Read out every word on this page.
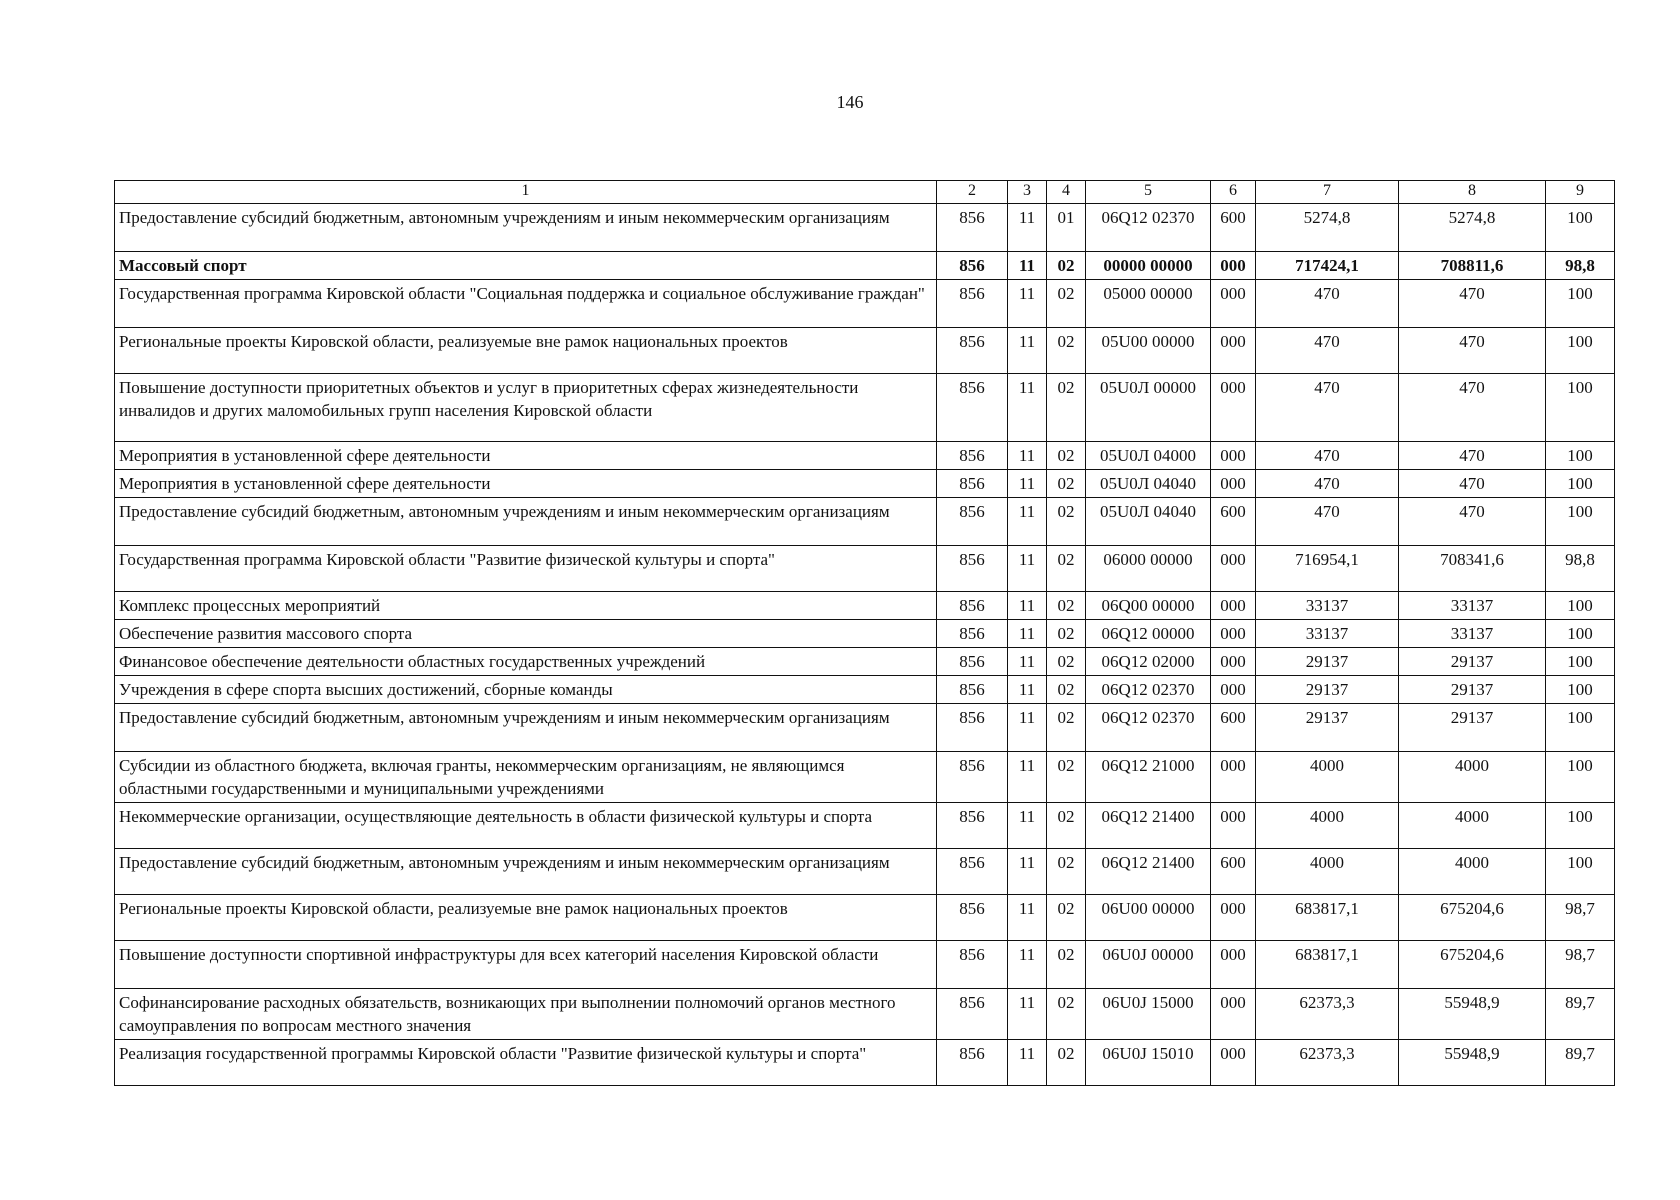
146
1	2	3	4	5	6	7	8	9
Предоставление субсидий бюджетным, автономным учреждениям и иным некоммерческим организациям	856	11	01	06Q12 02370	600	5274,8	5274,8	100
Массовый спорт	856	11	02	00000 00000	000	717424,1	708811,6	98,8
Государственная программа Кировской области "Социальная поддержка и социальное обслуживание граждан"	856	11	02	05000 00000	000	470	470	100
Региональные проекты Кировской области, реализуемые вне рамок национальных проектов	856	11	02	05U00 00000	000	470	470	100
Повышение доступности приоритетных объектов и услуг в приоритетных сферах жизнедеятельности инвалидов и других маломобильных групп населения Кировской области	856	11	02	05U0Л 00000	000	470	470	100
Мероприятия в установленной сфере деятельности	856	11	02	05U0Л 04000	000	470	470	100
Мероприятия в установленной сфере деятельности	856	11	02	05U0Л 04040	000	470	470	100
Предоставление субсидий бюджетным, автономным учреждениям и иным некоммерческим организациям	856	11	02	05U0Л 04040	600	470	470	100
Государственная программа Кировской области "Развитие физической культуры и спорта"	856	11	02	06000 00000	000	716954,1	708341,6	98,8
Комплекс процессных мероприятий	856	11	02	06Q00 00000	000	33137	33137	100
Обеспечение развития массового спорта	856	11	02	06Q12 00000	000	33137	33137	100
Финансовое обеспечение деятельности областных государственных учреждений	856	11	02	06Q12 02000	000	29137	29137	100
Учреждения в сфере спорта высших достижений, сборные команды	856	11	02	06Q12 02370	000	29137	29137	100
Предоставление субсидий бюджетным, автономным учреждениям и иным некоммерческим организациям	856	11	02	06Q12 02370	600	29137	29137	100
Субсидии из областного бюджета, включая гранты, некоммерческим организациям, не являющимся областными государственными и муниципальными учреждениями	856	11	02	06Q12 21000	000	4000	4000	100
Некоммерческие организации, осуществляющие деятельность в области физической культуры и спорта	856	11	02	06Q12 21400	000	4000	4000	100
Предоставление субсидий бюджетным, автономным учреждениям и иным некоммерческим организациям	856	11	02	06Q12 21400	600	4000	4000	100
Региональные проекты Кировской области, реализуемые вне рамок национальных проектов	856	11	02	06U00 00000	000	683817,1	675204,6	98,7
Повышение доступности спортивной инфраструктуры для всех категорий населения Кировской области	856	11	02	06U0J 00000	000	683817,1	675204,6	98,7
Софинансирование расходных обязательств, возникающих при выполнении полномочий органов местного самоуправления по вопросам местного значения	856	11	02	06U0J 15000	000	62373,3	55948,9	89,7
Реализация государственной программы Кировской области "Развитие физической культуры и спорта"	856	11	02	06U0J 15010	000	62373,3	55948,9	89,7
